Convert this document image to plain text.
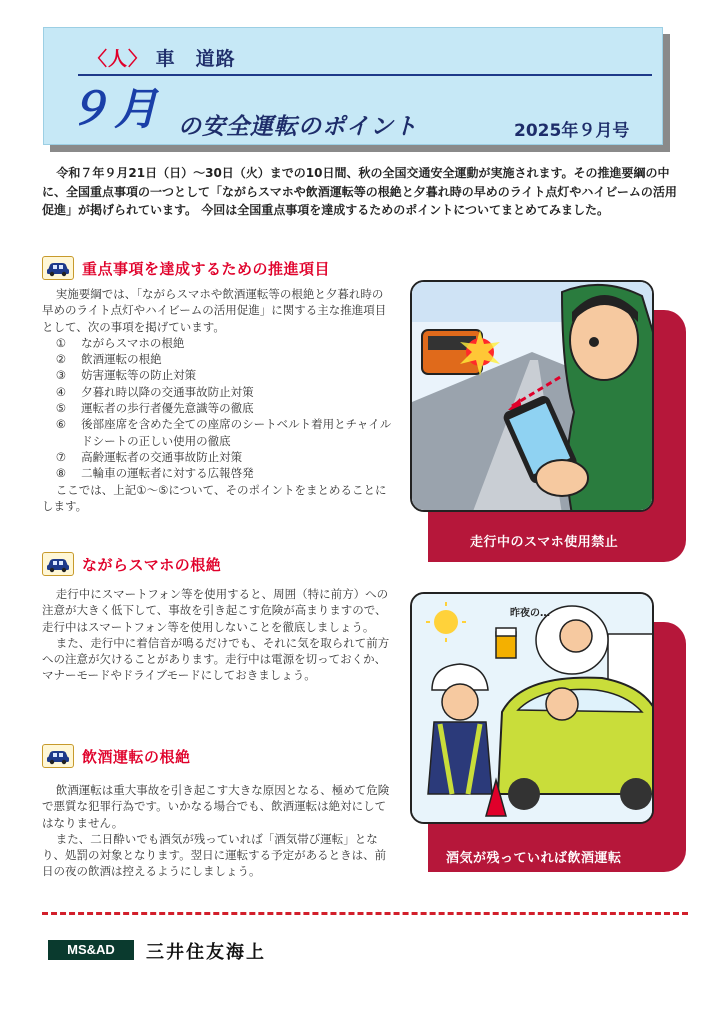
〈人〉 車　道路
９月 の安全運転のポイント	2025年９月号

令和７年９月21日（日）～30日（火）までの10日間、秋の全国交通安全運動が実施されます。その推進要綱の中に、全国重点事項の一つとして「ながらスマホや飲酒運転等の根絶と夕暮れ時の早めのライト点灯やハイビームの活用促進」が掲げられています。 今回は全国重点事項を達成するためのポイントについてまとめてみました。

重点事項を達成するための推進項目

実施要綱では、「ながらスマホや飲酒運転等の根絶と夕暮れ時の早めのライト点灯やハイビームの活用促進」に関する主な推進項目として、次の事項を掲げています。

① ながらスマホの根絶
② 飲酒運転の根絶
③ 妨害運転等の防止対策
④ 夕暮れ時以降の交通事故防止対策
⑤ 運転者の歩行者優先意識等の徹底
⑥ 後部座席を含めた全ての座席のシートベルト着用とチャイルドシートの正しい使用の徹底
⑦ 高齢運転者の交通事故防止対策
⑧ 二輪車の運転者に対する広報啓発

ここでは、上記①～⑤について、そのポイントをまとめることにします。

ながらスマホの根絶

走行中にスマートフォン等を使用すると、周囲（特に前方）への注意が大きく低下して、事故を引き起こす危険が高まりますので、走行中はスマートフォン等を使用しないことを徹底しましょう。

また、走行中に着信音が鳴るだけでも、それに気を取られて前方への注意が欠けることがあります。走行中は電源を切っておくか、マナーモードやドライブモードにしておきましょう。

飲酒運転の根絶

飲酒運転は重大事故を引き起こす大きな原因となる、極めて危険で悪質な犯罪行為です。いかなる場合でも、飲酒運転は絶対にしてはなりません。

また、二日酔いでも酒気が残っていれば「酒気帯び運転」となり、処罰の対象となります。翌日に運転する予定があるときは、前日の夜の飲酒は控えるようにしましょう。

走行中のスマホ使用禁止
昨夜の…
酒気が残っていれば飲酒運転
MS&AD	三井住友海上
